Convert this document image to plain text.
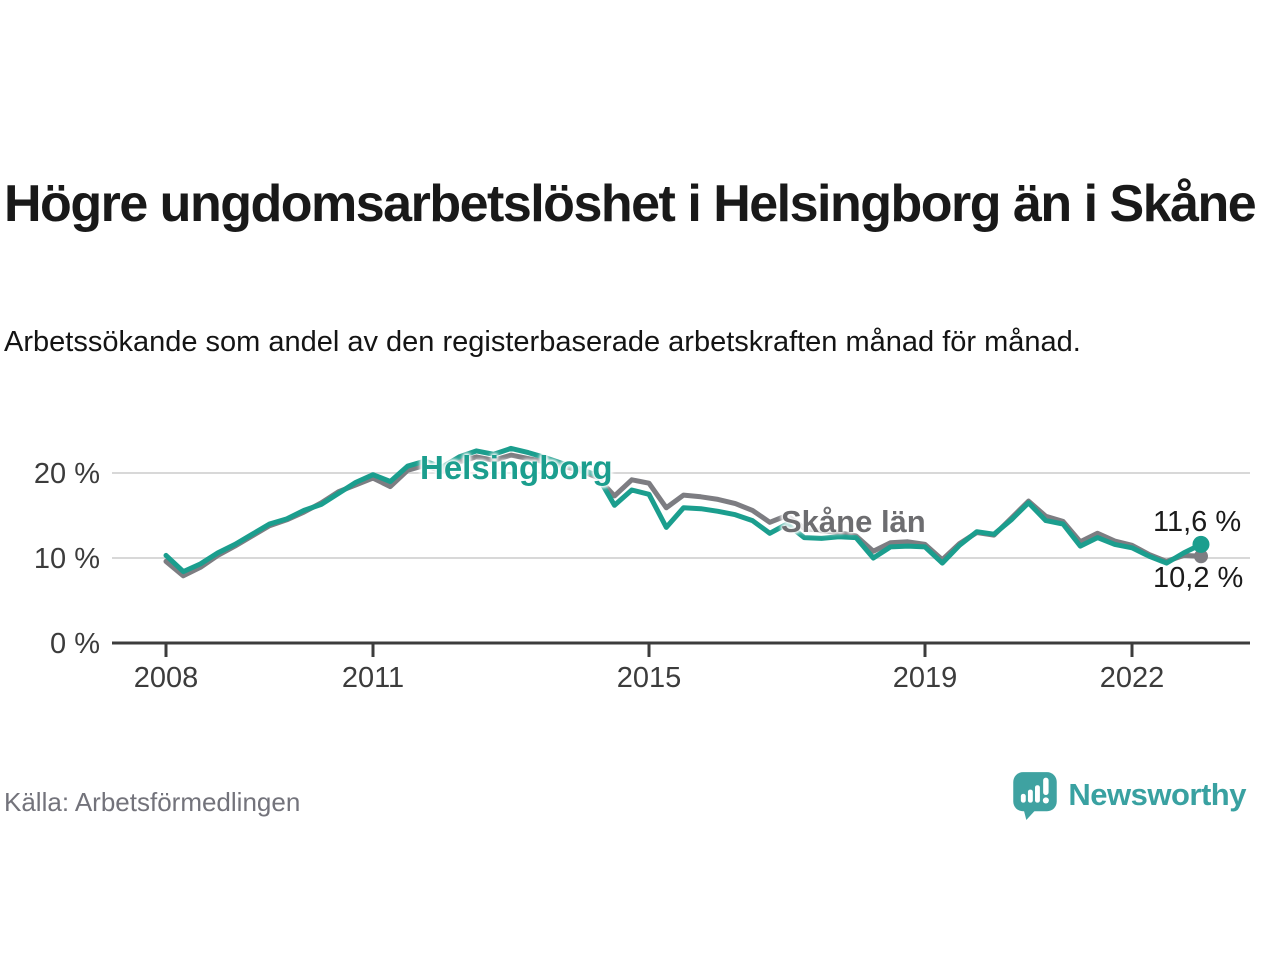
Högre ungdomsarbetslöshet i Helsingborg än i Skåne

Arbetssökande som andel av den registerbaserade arbetskraften månad för månad.

20 %
10 %
0 %
2008	2011	2015	2019	2022
Helsingborg
Skåne län	11,6 %
10,2 %
Källa: Arbetsförmedlingen	Newsworthy
